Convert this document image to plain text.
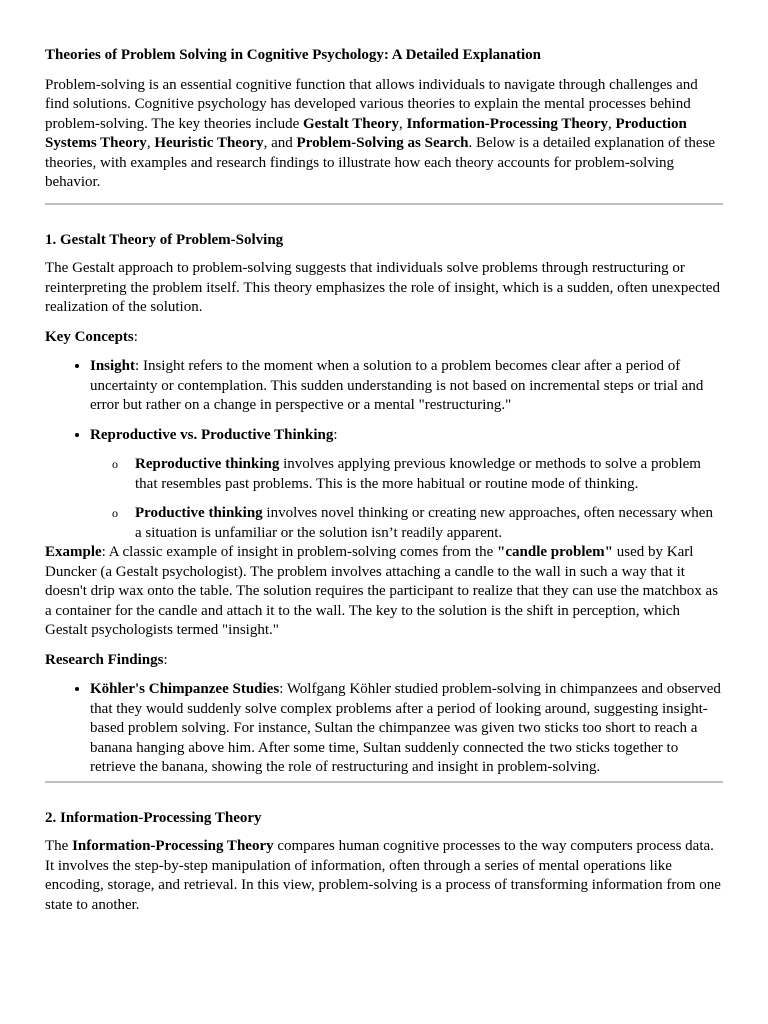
Theories of Problem Solving in Cognitive Psychology: A Detailed Explanation

Problem-solving is an essential cognitive function that allows individuals to navigate through challenges and find solutions. Cognitive psychology has developed various theories to explain the mental processes behind problem-solving. The key theories include Gestalt Theory, Information-Processing Theory, Production Systems Theory, Heuristic Theory, and Problem-Solving as Search. Below is a detailed explanation of these theories, with examples and research findings to illustrate how each theory accounts for problem-solving behavior.

1. Gestalt Theory of Problem-Solving

The Gestalt approach to problem-solving suggests that individuals solve problems through restructuring or reinterpreting the problem itself. This theory emphasizes the role of insight, which is a sudden, often unexpected realization of the solution.

Key Concepts:

• Insight: Insight refers to the moment when a solution to a problem becomes clear after a period of uncertainty or contemplation. This sudden understanding is not based on incremental steps or trial and error but rather on a change in perspective or a mental "restructuring."
• Reproductive vs. Productive Thinking:
o Reproductive thinking involves applying previous knowledge or methods to solve a problem that resembles past problems. This is the more habitual or routine mode of thinking.
o Productive thinking involves novel thinking or creating new approaches, often necessary when a situation is unfamiliar or the solution isn’t readily apparent.

Example: A classic example of insight in problem-solving comes from the "candle problem" used by Karl Duncker (a Gestalt psychologist). The problem involves attaching a candle to the wall in such a way that it doesn't drip wax onto the table. The solution requires the participant to realize that they can use the matchbox as a container for the candle and attach it to the wall. The key to the solution is the shift in perception, which Gestalt psychologists termed "insight."

Research Findings:

• Köhler's Chimpanzee Studies: Wolfgang Köhler studied problem-solving in chimpanzees and observed that they would suddenly solve complex problems after a period of looking around, suggesting insight-based problem solving. For instance, Sultan the chimpanzee was given two sticks too short to reach a banana hanging above him. After some time, Sultan suddenly connected the two sticks together to retrieve the banana, showing the role of restructuring and insight in problem-solving.

2. Information-Processing Theory

The Information-Processing Theory compares human cognitive processes to the way computers process data. It involves the step-by-step manipulation of information, often through a series of mental operations like encoding, storage, and retrieval. In this view, problem-solving is a process of transforming information from one state to another.
